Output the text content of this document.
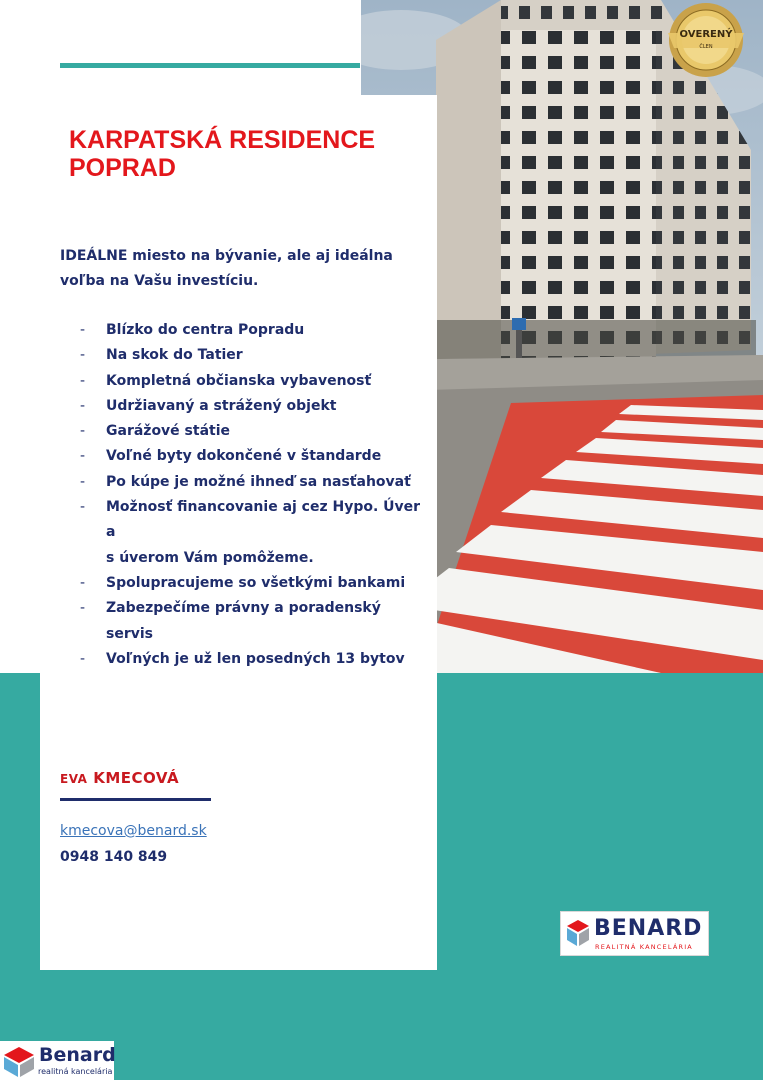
OVERENÝ
ČLEN
KARPATSKÁ RESIDENCE
POPRAD

IDEÁLNE miesto na bývanie, ale aj ideálna
voľba na Vašu investíciu.

- Blízko do centra Popradu
- Na skok do Tatier
- Kompletná občianska vybavenosť
- Udržiavaný a strážený objekt
- Garážové státie
- Voľné byty dokončené v štandarde
- Po kúpe je možné ihneď sa nasťahovať
- Možnosť financovanie aj cez Hypo. Úver a
s úverom Vám pomôžeme.
- Spolupracujeme so všetkými bankami
- Zabezpečíme právny a poradenský servis
- Voľných je už len posedných 13 bytov
EVA KMECOVÁ
kmecova@benard.sk
0948 140 849
BENARD
REALITNÁ KANCELÁRIA
Benard
realitná kancelária
